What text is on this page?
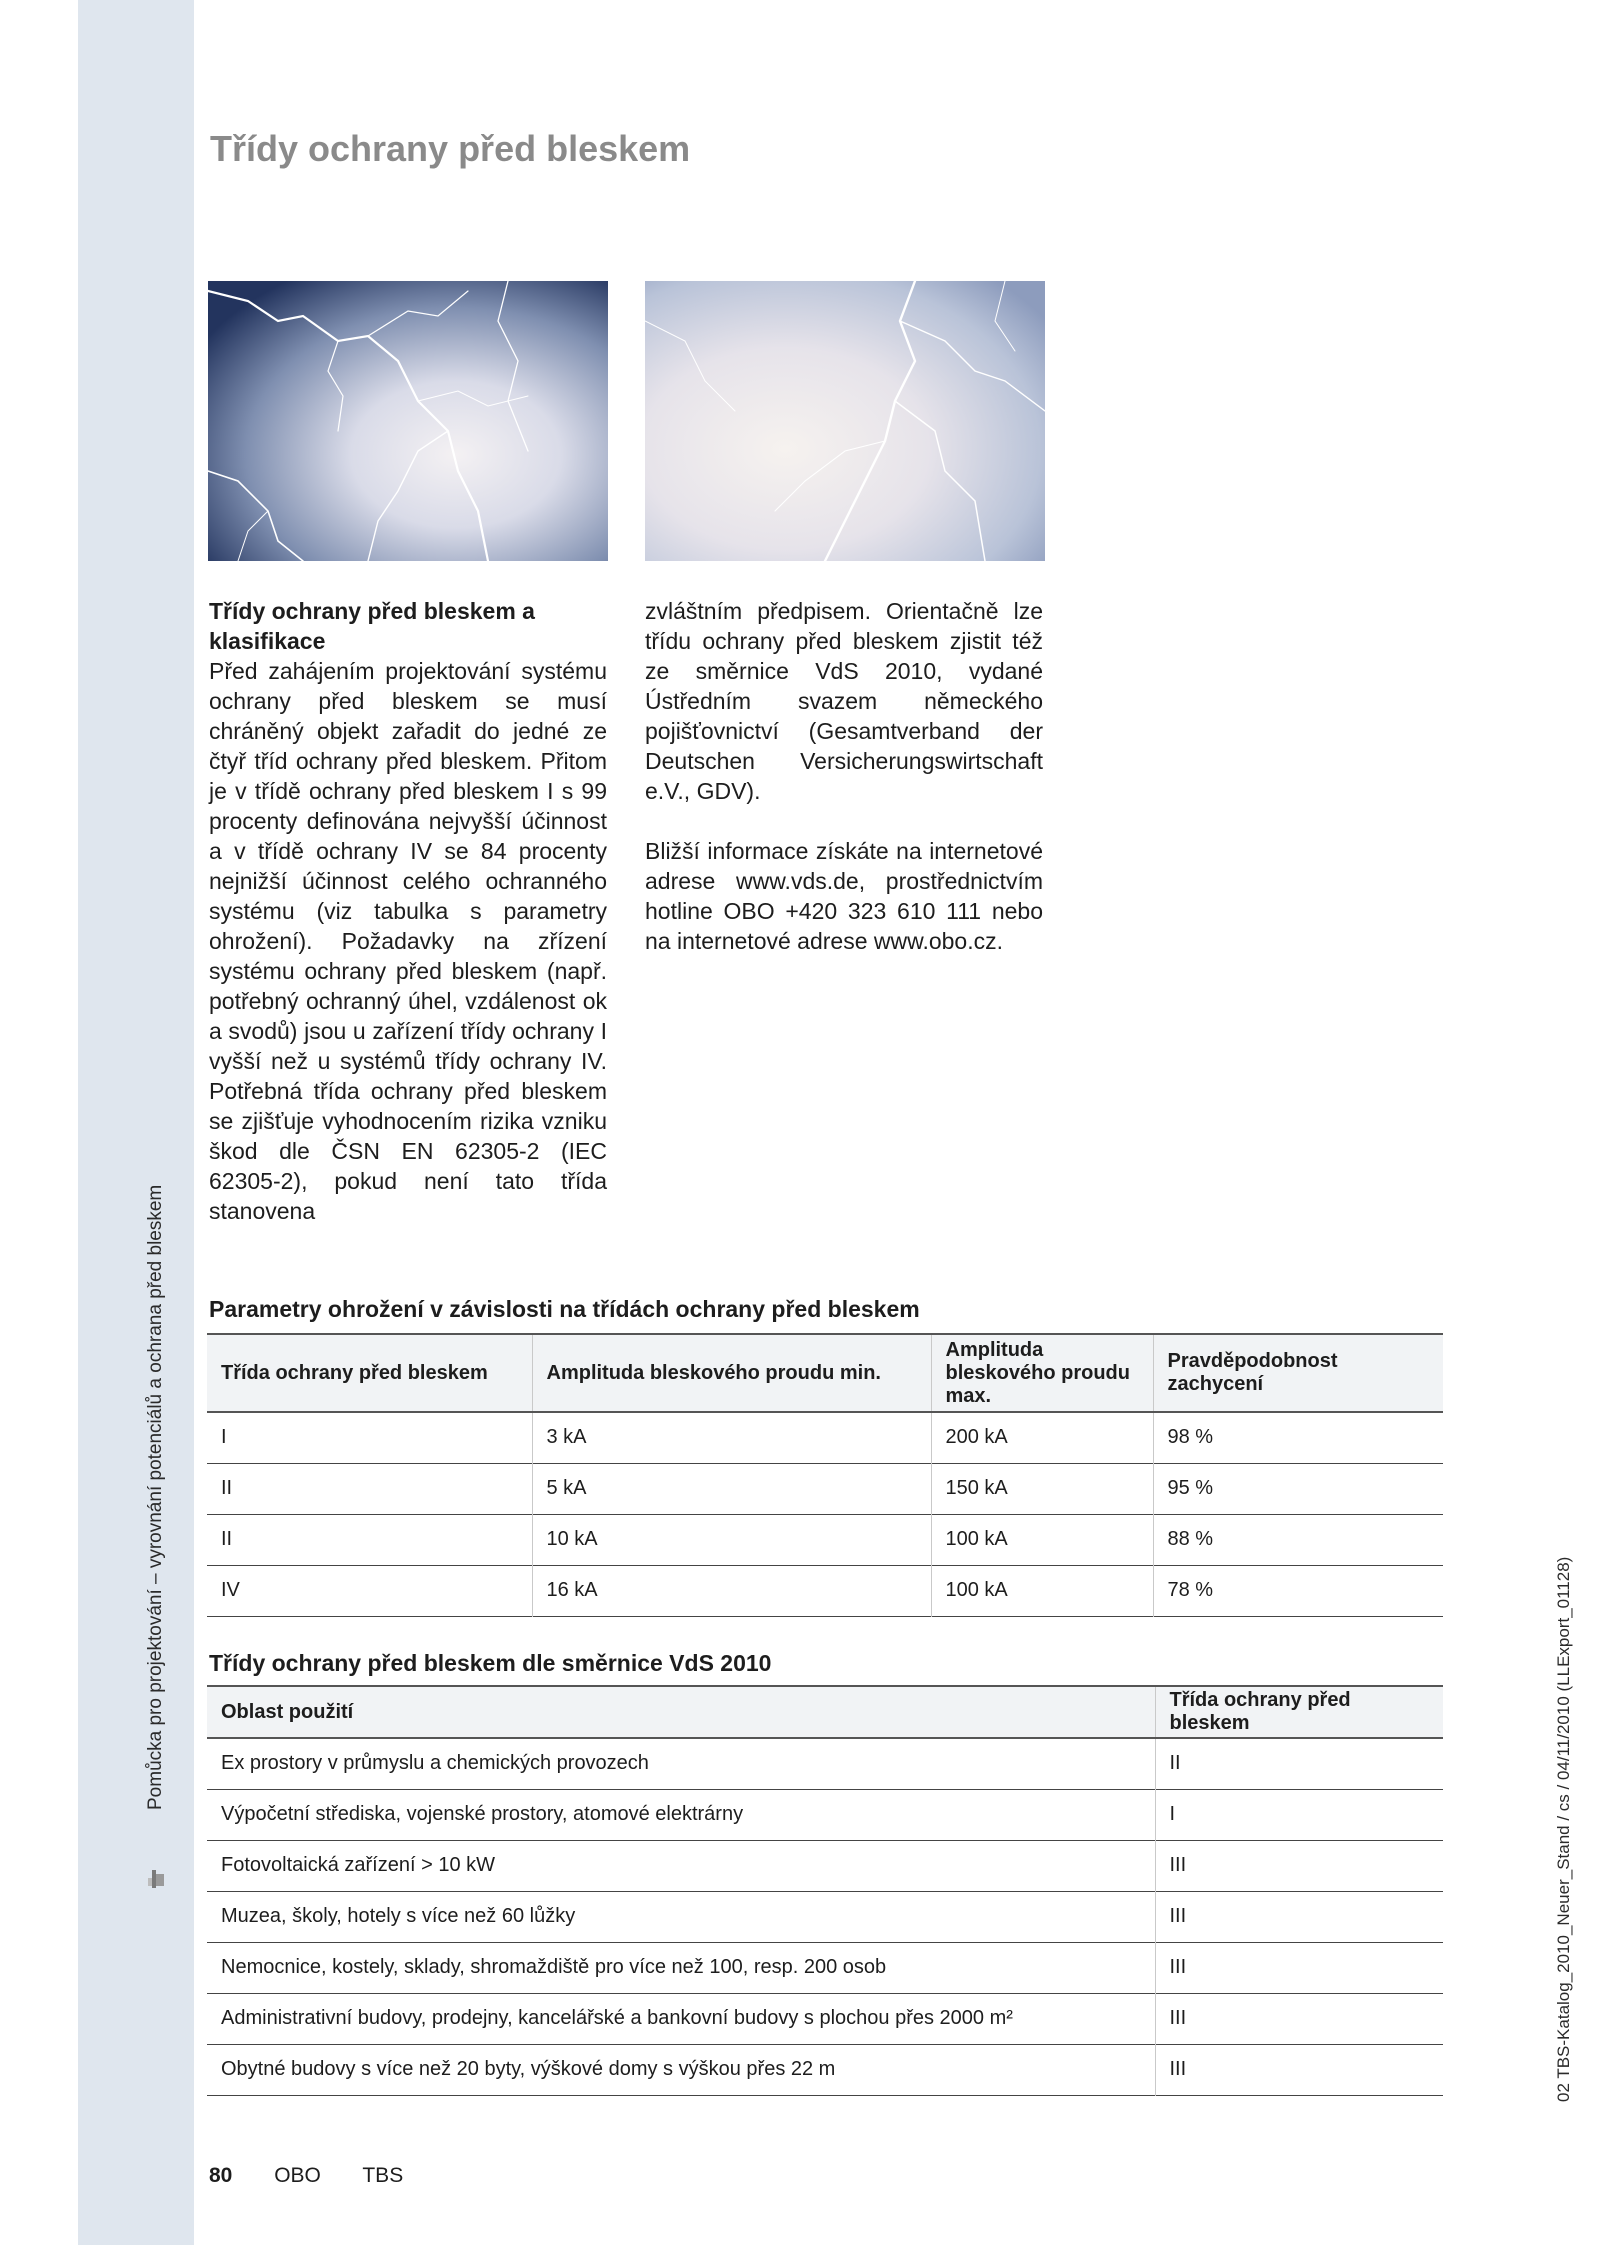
Pomůcka pro projektování – vyrovnání potenciálů a ochrana před bleskem
02 TBS-Katalog_2010_Neuer_Stand / cs / 04/11/2010 (LLExport_01128)
Třídy ochrany před bleskem

Třídy ochrany před bleskem a klasifikace

Před zahájením projektování systému ochrany před bleskem se musí chráněný objekt zařadit do jedné ze čtyř tříd ochrany před bleskem. Přitom je v třídě ochrany před bleskem I s 99 procenty definována nejvyšší účinnost a v třídě ochrany IV se 84 procenty nejnižší účinnost celého ochranného systému (viz tabulka s parametry ohrožení). Požadavky na zřízení systému ochrany před bleskem (např. potřebný ochranný úhel, vzdálenost ok a svodů) jsou u zařízení třídy ochrany I vyšší než u systémů třídy ochrany IV. Potřebná třída ochrany před bleskem se zjišťuje vyhodnocením rizika vzniku škod dle ČSN EN 62305-2 (IEC 62305-2), pokud není tato třída stanovena

zvláštním předpisem. Orientačně lze třídu ochrany před bleskem zjistit též ze směrnice VdS 2010, vydané Ústředním svazem německého pojišťovnictví (Gesamtverband der Deutschen Versicherungswirtschaft e.V., GDV).

Bližší informace získáte na internetové adrese www.vds.de, prostřednictvím hotline OBO +420 323 610 111 nebo na internetové adrese www.obo.cz.

Parametry ohrožení v závislosti na třídách ochrany před bleskem
Třída ochrany před bleskem	Amplituda bleskového proudu min.	Amplituda bleskového proudu max.	Pravděpodobnost zachycení
I	3 kA	200 kA	98 %
II	5 kA	150 kA	95 %
II	10 kA	100 kA	88 %
IV	16 kA	100 kA	78 %
Třídy ochrany před bleskem dle směrnice VdS 2010
Oblast použití	Třída ochrany před bleskem
Ex prostory v průmyslu a chemických provozech	II
Výpočetní střediska, vojenské prostory, atomové elektrárny	I
Fotovoltaická zařízení > 10 kW	III
Muzea, školy, hotely s více než 60 lůžky	III
Nemocnice, kostely, sklady, shromaždiště pro více než 100, resp. 200 osob	III
Administrativní budovy, prodejny, kancelářské a bankovní budovy s plochou přes 2000 m²	III
Obytné budovy s více než 20 byty, výškové domy s výškou přes 22 m	III
80 OBO TBS
